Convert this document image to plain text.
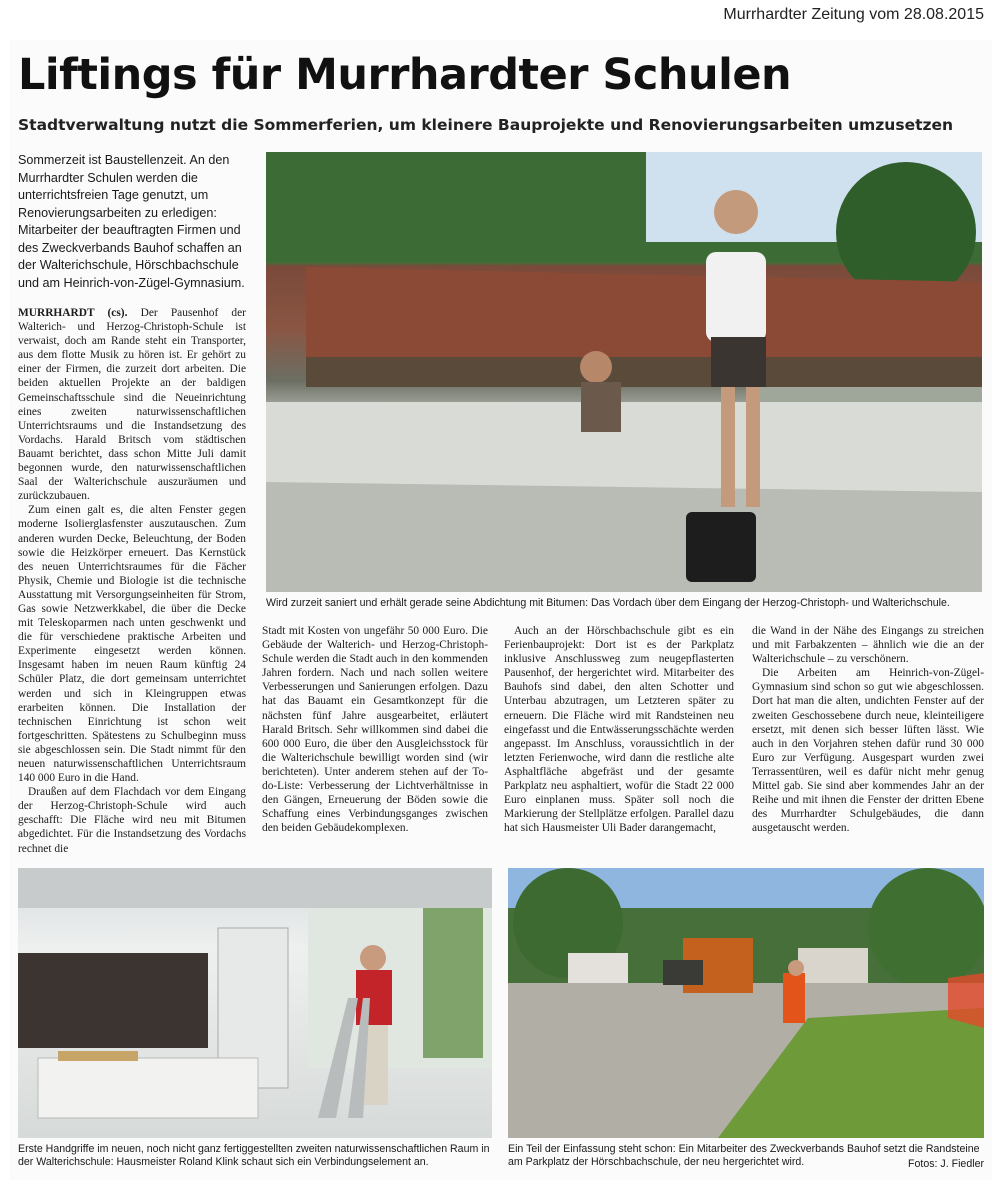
Murrhardter Zeitung vom 28.08.2015
Liftings für Murrhardter Schulen
Stadtverwaltung nutzt die Sommerferien, um kleinere Bauprojekte und Renovierungsarbeiten umzusetzen
Sommerzeit ist Baustellenzeit. An den Murrhardter Schulen werden die unterrichtsfreien Tage genutzt, um Renovierungsarbeiten zu erledigen: Mitarbeiter der beauftragten Firmen und des Zweckverbands Bauhof schaffen an der Walterichschule, Hörschbachschule und am Heinrich-von-Zügel-Gymnasium.
Wird zurzeit saniert und erhält gerade seine Abdichtung mit Bitumen: Das Vordach über dem Eingang der Herzog-Christoph- und Walterichschule.

MURRHARDT (cs). Der Pausenhof der Walterich- und Herzog-Christoph-Schule ist verwaist, doch am Rande steht ein Transporter, aus dem flotte Musik zu hören ist. Er gehört zu einer der Firmen, die zurzeit dort arbeiten. Die beiden aktuellen Projekte an der baldigen Gemeinschaftsschule sind die Neueinrichtung eines zweiten naturwissenschaftlichen Unterrichtsraums und die Instandsetzung des Vordachs. Harald Britsch vom städtischen Bauamt berichtet, dass schon Mitte Juli damit begonnen wurde, den naturwissenschaftlichen Saal der Walterichschule auszuräumen und zurückzubauen.

Zum einen galt es, die alten Fenster gegen moderne Isolierglasfenster auszutauschen. Zum anderen wurden Decke, Beleuchtung, der Boden sowie die Heizkörper erneuert. Das Kernstück des neuen Unterrichtsraumes für die Fächer Physik, Chemie und Biologie ist die technische Ausstattung mit Versorgungseinheiten für Strom, Gas sowie Netzwerkkabel, die über die Decke mit Teleskoparmen nach unten geschwenkt und die für verschiedene praktische Arbeiten und Experimente eingesetzt werden können. Insgesamt haben im neuen Raum künftig 24 Schüler Platz, die dort gemeinsam unterrichtet werden und sich in Kleingruppen etwas erarbeiten können. Die Installation der technischen Einrichtung ist schon weit fortgeschritten. Spätestens zu Schulbeginn muss sie abgeschlossen sein. Die Stadt nimmt für den neuen naturwissenschaftlichen Unterrichtsraum 140 000 Euro in die Hand.

Draußen auf dem Flachdach vor dem Eingang der Herzog-Christoph-Schule wird auch geschafft: Die Fläche wird neu mit Bitumen abgedichtet. Für die Instandsetzung des Vordachs rechnet die

Stadt mit Kosten von ungefähr 50 000 Euro. Die Gebäude der Walterich- und Herzog-Christoph-Schule werden die Stadt auch in den kommenden Jahren fordern. Nach und nach sollen weitere Verbesserungen und Sanierungen erfolgen. Dazu hat das Bauamt ein Gesamtkonzept für die nächsten fünf Jahre ausgearbeitet, erläutert Harald Britsch. Sehr willkommen sind dabei die 600 000 Euro, die über den Ausgleichsstock für die Walterichschule bewilligt worden sind (wir berichteten). Unter anderem stehen auf der To-do-Liste: Verbesserung der Lichtverhältnisse in den Gängen, Erneuerung der Böden sowie die Schaffung eines Verbindungsganges zwischen den beiden Gebäudekomplexen.

Auch an der Hörschbachschule gibt es ein Ferienbauprojekt: Dort ist es der Parkplatz inklusive Anschlussweg zum neugepflasterten Pausenhof, der hergerichtet wird. Mitarbeiter des Bauhofs sind dabei, den alten Schotter und Unterbau abzutragen, um Letzteren später zu erneuern. Die Fläche wird mit Randsteinen neu eingefasst und die Entwässerungsschächte werden angepasst. Im Anschluss, voraussichtlich in der letzten Ferienwoche, wird dann die restliche alte Asphaltfläche abgefräst und der gesamte Parkplatz neu asphaltiert, wofür die Stadt 22 000 Euro einplanen muss. Später soll noch die Markierung der Stellplätze erfolgen. Parallel dazu hat sich Hausmeister Uli Bader darangemacht,

die Wand in der Nähe des Eingangs zu streichen und mit Farbakzenten – ähnlich wie die an der Walterichschule – zu verschönern.

Die Arbeiten am Heinrich-von-Zügel-Gymnasium sind schon so gut wie abgeschlossen. Dort hat man die alten, undichten Fenster auf der zweiten Geschossebene durch neue, kleinteiligere ersetzt, mit denen sich besser lüften lässt. Wie auch in den Vorjahren stehen dafür rund 30 000 Euro zur Verfügung. Ausgespart wurden zwei Terrassentüren, weil es dafür nicht mehr genug Mittel gab. Sie sind aber kommendes Jahr an der Reihe und mit ihnen die Fenster der dritten Ebene des Murrhardter Schulgebäudes, die dann ausgetauscht werden.

Erste Handgriffe im neuen, noch nicht ganz fertiggestellten zweiten naturwissenschaftlichen Raum in der Walterichschule: Hausmeister Roland Klink schaut sich ein Verbindungselement an.
Ein Teil der Einfassung steht schon: Ein Mitarbeiter des Zweckverbands Bauhof setzt die Randsteine am Parkplatz der Hörschbachschule, der neu hergerichtet wird.	Fotos: J. Fiedler
